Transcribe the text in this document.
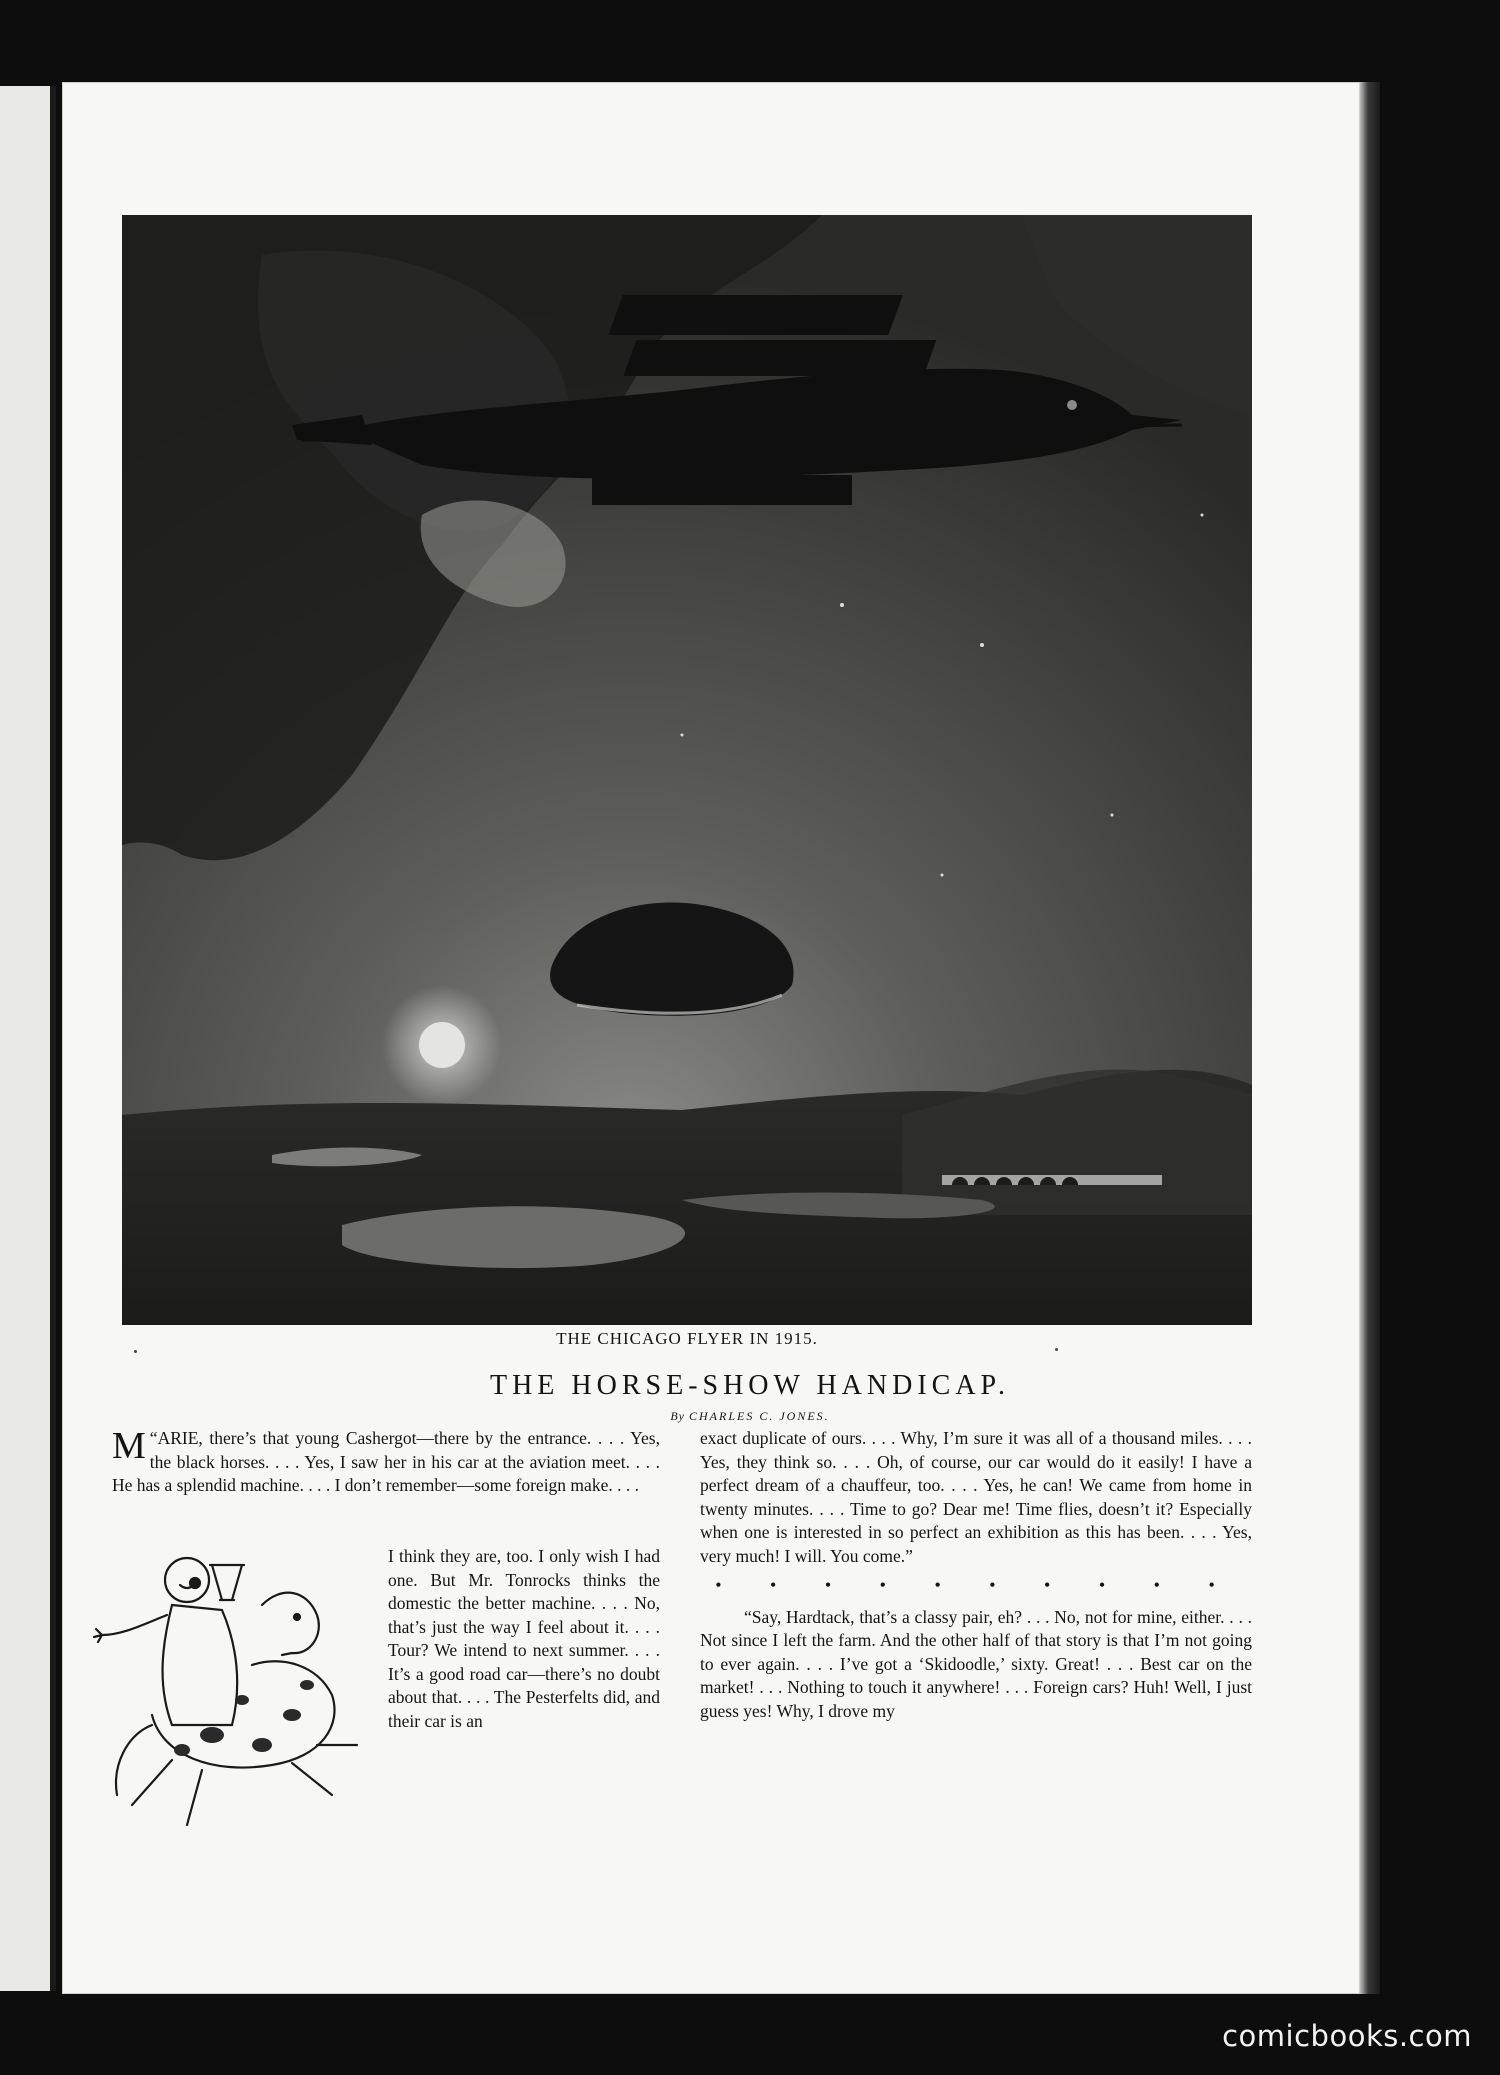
THE CHICAGO FLYER IN 1915.
THE HORSE-SHOW HANDICAP.
By CHARLES C. JONES.
“
M ARIE, there’s that young Cashergot—there by the entrance. . . . Yes, the black horses. . . . Yes, I saw her in his car at the aviation meet. . . . He has a splendid machine. . . . I don’t remember—some foreign make. . . .
I think they are, too. I only wish I had one. But Mr. Tonrocks thinks the domestic the better machine. . . . No, that’s just the way I feel about it. . . . Tour? We intend to next summer. . . . It’s a good road car—there’s no doubt about that. . . . The Pesterfelts did, and their car is an

exact duplicate of ours. . . . Why, I’m sure it was all of a thousand miles. . . . Yes, they think so. . . . Oh, of course, our car would do it easily! I have a perfect dream of a chauffeur, too. . . . Yes, he can! We came from home in twenty minutes. . . . Time to go? Dear me! Time flies, doesn’t it? Especially when one is interested in so perfect an exhibition as this has been. . . . Yes, very much! I will. You come.”

• • • • • • • • • •

“Say, Hardtack, that’s a classy pair, eh? . . . No, not for mine, either. . . . Not since I left the farm. And the other half of that story is that I’m not going to ever again. . . . I’ve got a ‘Skidoodle,’ sixty. Great! . . . Best car on the market! . . . Nothing to touch it anywhere! . . . Foreign cars? Huh! Well, I just guess yes! Why, I drove my

comicbooks.com
